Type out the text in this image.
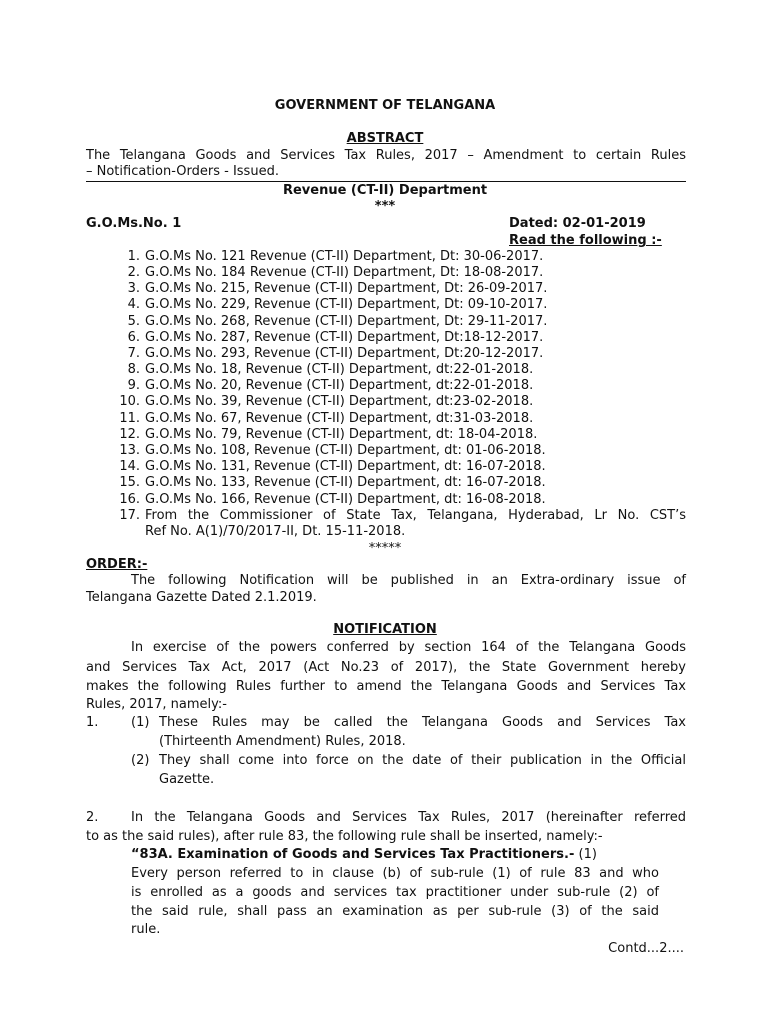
GOVERNMENT OF TELANGANA
ABSTRACT
The Telangana Goods and Services Tax Rules, 2017 – Amendment to certain Rules
– Notification-Orders - Issued.
Revenue (CT-II) Department
***
G.O.Ms.No. 1	Dated: 02-01-2019
Read the following :-
1. G.O.Ms No. 121 Revenue (CT-II) Department, Dt: 30-06-2017.
2. G.O.Ms No. 184 Revenue (CT-II) Department, Dt: 18-08-2017.
3. G.O.Ms No. 215, Revenue (CT-II) Department, Dt: 26-09-2017.
4. G.O.Ms No. 229, Revenue (CT-II) Department, Dt: 09-10-2017.
5. G.O.Ms No. 268, Revenue (CT-II) Department, Dt: 29-11-2017.
6. G.O.Ms No. 287, Revenue (CT-II) Department, Dt:18-12-2017.
7. G.O.Ms No. 293, Revenue (CT-II) Department, Dt:20-12-2017.
8. G.O.Ms No. 18, Revenue (CT-II) Department, dt:22-01-2018.
9. G.O.Ms No. 20, Revenue (CT-II) Department, dt:22-01-2018.
10. G.O.Ms No. 39, Revenue (CT-II) Department, dt:23-02-2018.
11. G.O.Ms No. 67, Revenue (CT-II) Department, dt:31-03-2018.
12. G.O.Ms No. 79, Revenue (CT-II) Department, dt: 18-04-2018.
13. G.O.Ms No. 108, Revenue (CT-II) Department, dt: 01-06-2018.
14. G.O.Ms No. 131, Revenue (CT-II) Department, dt: 16-07-2018.
15. G.O.Ms No. 133, Revenue (CT-II) Department, dt: 16-07-2018.
16. G.O.Ms No. 166, Revenue (CT-II) Department, dt: 16-08-2018.
17. From the Commissioner of State Tax, Telangana, Hyderabad, Lr No. CST’s
Ref No. A(1)/70/2017-II, Dt. 15-11-2018.
*****
ORDER:-
The following Notification will be published in an Extra-ordinary issue of
Telangana Gazette Dated 2.1.2019.
NOTIFICATION
In exercise of the powers conferred by section 164 of the Telangana Goods
and Services Tax Act, 2017 (Act No.23 of 2017), the State Government hereby
makes the following Rules further to amend the Telangana Goods and Services Tax
Rules, 2017, namely:-
1.	(1) These Rules may be called the Telangana Goods and Services Tax
(Thirteenth Amendment) Rules, 2018.
(2) They shall come into force on the date of their publication in the Official
Gazette.
2.	In the Telangana Goods and Services Tax Rules, 2017 (hereinafter referred
to as the said rules), after rule 83, the following rule shall be inserted, namely:-
“83A. Examination of Goods and Services Tax Practitioners.- (1)
Every person referred to in clause (b) of sub-rule (1) of rule 83 and who
is enrolled as a goods and services tax practitioner under sub-rule (2) of
the said rule, shall pass an examination as per sub-rule (3) of the said
rule.
Contd...2....
